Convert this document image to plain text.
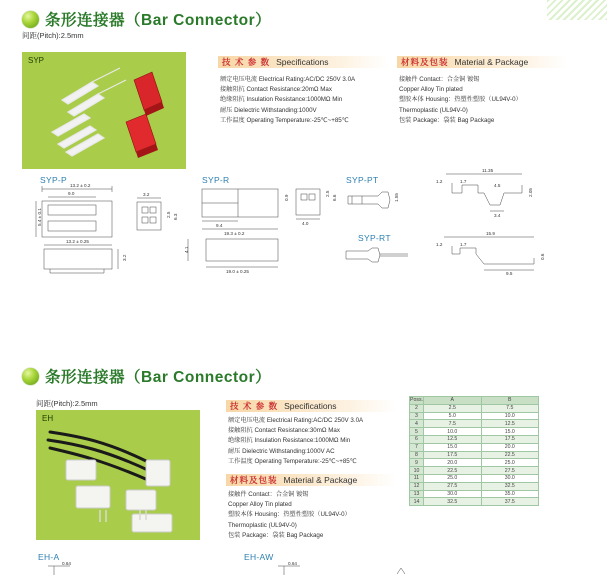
条形连接器（Bar Connector）
间距(Pitch):2.5mm
SYP	技 术 参 数 Specifications
额定电压电流 Electrical Rating:AC/DC 250V 3.0A
接触阻抗 Contact Resistance:20mΩ Max
绝缘阻抗 Insulation Resistance:1000MΩ Min
耐压 Dielectric Withstanding:1000V
工作温度 Operating Temperature:-25℃~+85℃
材料及包装 Material & Package
接触件 Contact：合金铜 镀锡
Copper Alloy Tin plated
塑胶本体 Housing：热塑性塑胶（UL94V-0）
Thermoplastic (UL94V-0)
包装 Package：袋装 Bag Package
SYP-P
13.2 ± 0.2
9.0
5.4 ± 0.1
13.2 ± 0.25
3.2
3.2
2.5 6.3
SYP-R
0.9
9.4
19.3 ± 0.2
4.1
19.0 ± 0.25
2.5
6.6
4.0
SYP-PT
1.55
11.35
1.2	1.7
4.5
2.05
3.4
SYP-RT	15.9
1.2	1.7
9.5
0.6
条形连接器（Bar Connector）
间距(Pitch):2.5mm
EH
技 术 参 数 Specifications
额定电压电流 Electrical Rating:AC/DC 250V 3.0A
接触阻抗 Contact Resistance:30mΩ Max
绝缘阻抗 Insulation Resistance:1000MΩ Min
耐压 Dielectric Withstanding:1000V AC
工作温度 Operating Temperature:-25℃~+85℃
材料及包装 Material & Package
接触件 Contact：合金铜 镀锡
Copper Alloy Tin plated
塑胶本体 Housing：热塑性塑胶（UL94V-0）
Thermoplastic (UL94V-0)
包装 Package：袋装 Bag Package
Poss.	A	B
2	2.5	7.5
3	5.0	10.0
4	7.5	12.5
5	10.0	15.0
6	12.5	17.5
7	15.0	20.0
8	17.5	22.5
9	20.0	25.0
10	22.5	27.5
11	25.0	30.0
12	27.5	32.5
13	30.0	35.0
14	32.5	37.5
EH-A
0.64
EH-AW
0.64
